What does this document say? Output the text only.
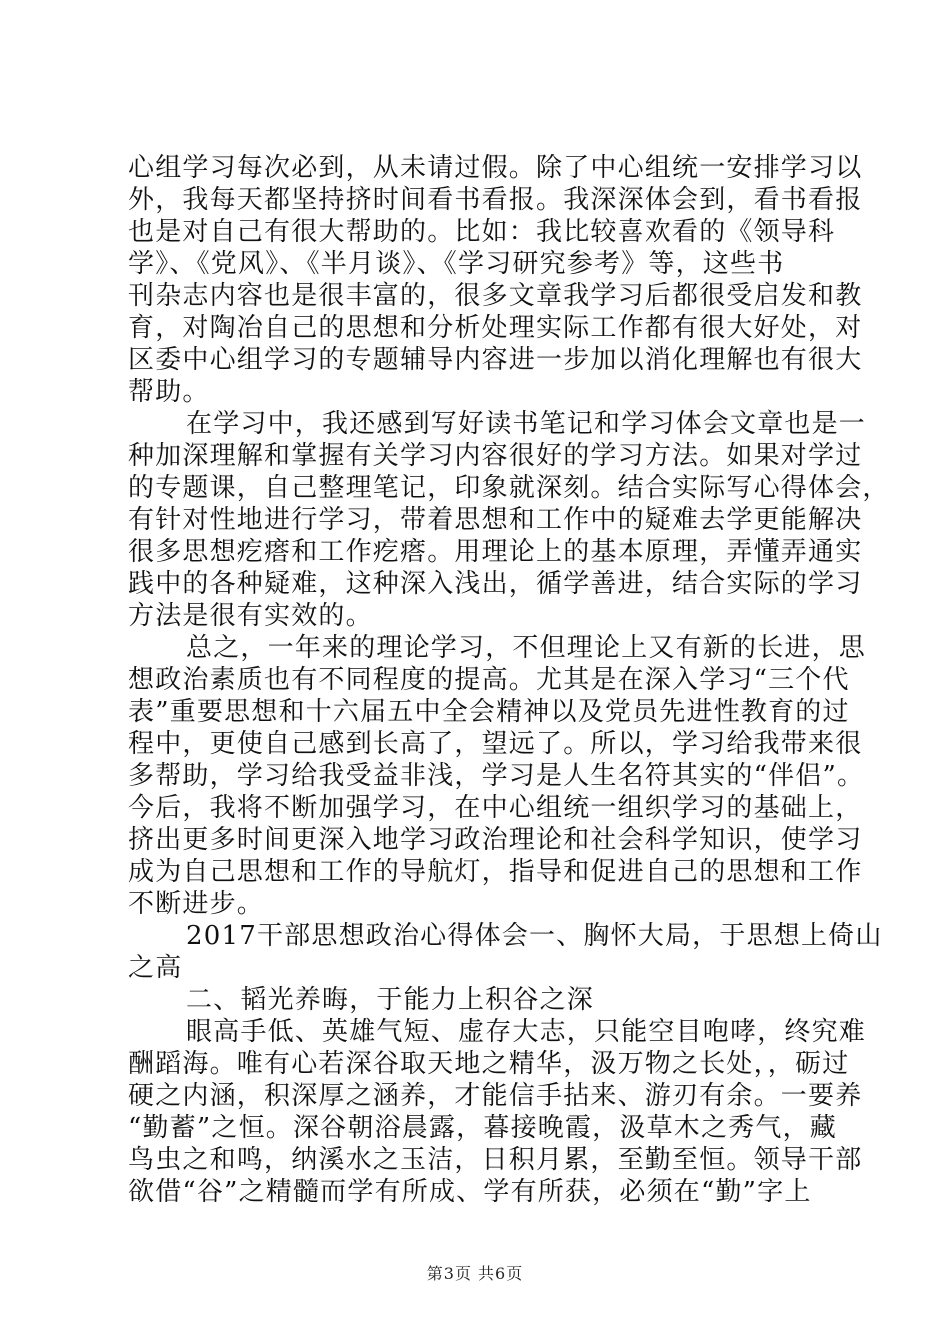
心组学习每次必到，从未请过假。除了中心组统一安排学习以
外，我每天都坚持挤时间看书看报。我深深体会到，看书看报
也是对自己有很大帮助的。比如：我比较喜欢看的《领导科
学》、《党风》、《半月谈》、《学习研究参考》等，这些书
刊杂志内容也是很丰富的，很多文章我学习后都很受启发和教
育，对陶冶自己的思想和分析处理实际工作都有很大好处，对
区委中心组学习的专题辅导内容进一步加以消化理解也有很大
帮助。
在学习中，我还感到写好读书笔记和学习体会文章也是一
种加深理解和掌握有关学习内容很好的学习方法。如果对学过
的专题课，自己整理笔记，印象就深刻。结合实际写心得体会，
有针对性地进行学习，带着思想和工作中的疑难去学更能解决
很多思想疙瘩和工作疙瘩。用理论上的基本原理，弄懂弄通实
践中的各种疑难，这种深入浅出，循学善进，结合实际的学习
方法是很有实效的。
总之，一年来的理论学习，不但理论上又有新的长进，思
想政治素质也有不同程度的提高。尤其是在深入学习“三个代
表”重要思想和十六届五中全会精神以及党员先进性教育的过
程中，更使自己感到长高了，望远了。所以，学习给我带来很
多帮助，学习给我受益非浅，学习是人生名符其实的“伴侣”。
今后，我将不断加强学习，在中心组统一组织学习的基础上，
挤出更多时间更深入地学习政治理论和社会科学知识，使学习
成为自己思想和工作的导航灯，指导和促进自己的思想和工作
不断进步。
2017干部思想政治心得体会一、胸怀大局，于思想上倚山
之高
二、韬光养晦，于能力上积谷之深
眼高手低、英雄气短、虚存大志，只能空目咆哮，终究难
酬蹈海。唯有心若深谷取天地之精华，汲万物之长处，，砺过
硬之内涵，积深厚之涵养，才能信手拈来、游刃有余。一要养
“勤蓄”之恒。深谷朝浴晨露，暮接晚霞，汲草木之秀气，藏
鸟虫之和鸣，纳溪水之玉洁，日积月累，至勤至恒。领导干部
欲借“谷”之精髓而学有所成、学有所获，必须在“勤”字上
第3页 共6页
